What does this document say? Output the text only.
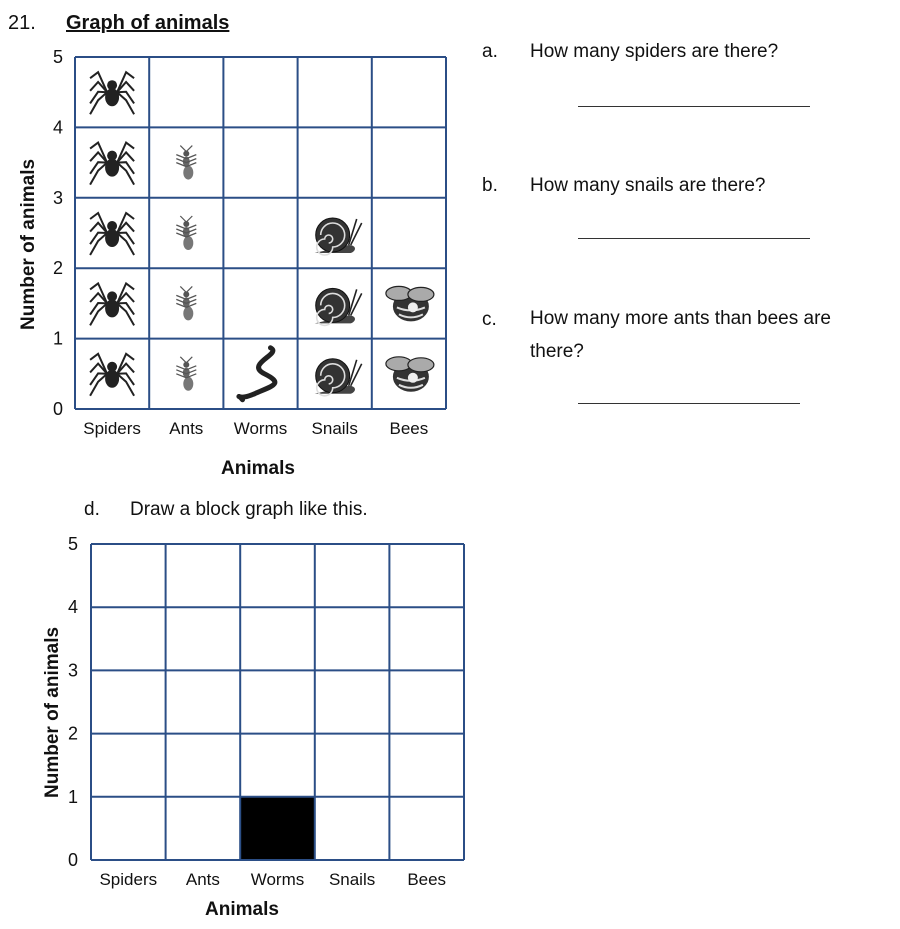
21. Graph of animals
a. How many spiders are there?
b. How many snails are there?
c. How many more ants than bees are there?
d. Draw a block graph like this.
Number of animals
Animals
0
1
2
3
4
5
Spiders Ants Worms Snails Bees
Number of animals
Animals
0
1
2
3
4
5
Spiders Ants Worms Snails Bees
